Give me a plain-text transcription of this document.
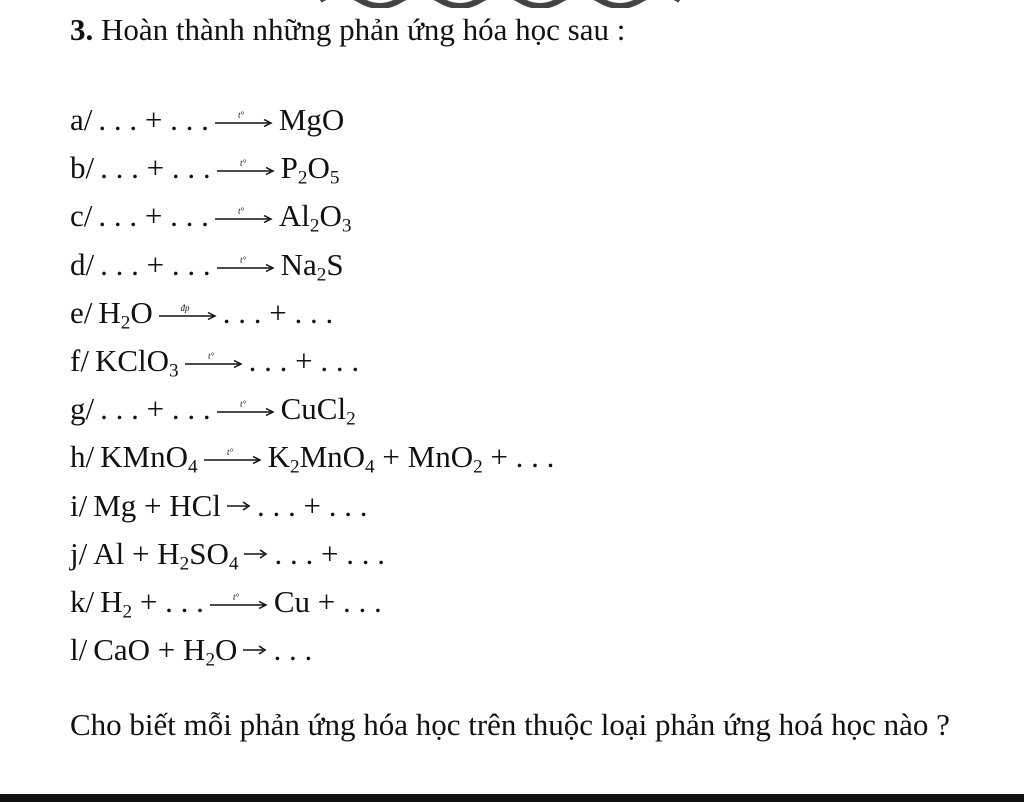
3. Hoàn thành những phản ứng hóa học sau :
a/ . . . + . . .	t° MgO
b/ . . . + . . .	t° $P_2O_5$
c/ . . . + . . .	t° $Al_2O_3$
d/ . . . + . . .	t° $Na_2S$
e/ $H_2O$	đp . . . + . . .
f/ KClO$_3$
t° . . . + . . .
g/ . . . + . . .	t° CuCl$_2$
h/ KMnO$_4$
t° $K_2MnO_4 + MnO_2$ + . . .
i/ Mg + HCl → . . . + . . .
j/ $Al + H_2SO_4$ → . . . + . . .
k/ $H_2$ + . . .	t° Cu + . . .
l/ CaO + $H_2O$ → . . .
Cho biết mỗi phản ứng hóa học trên thuộc loại phản ứng hoá học nào ?
